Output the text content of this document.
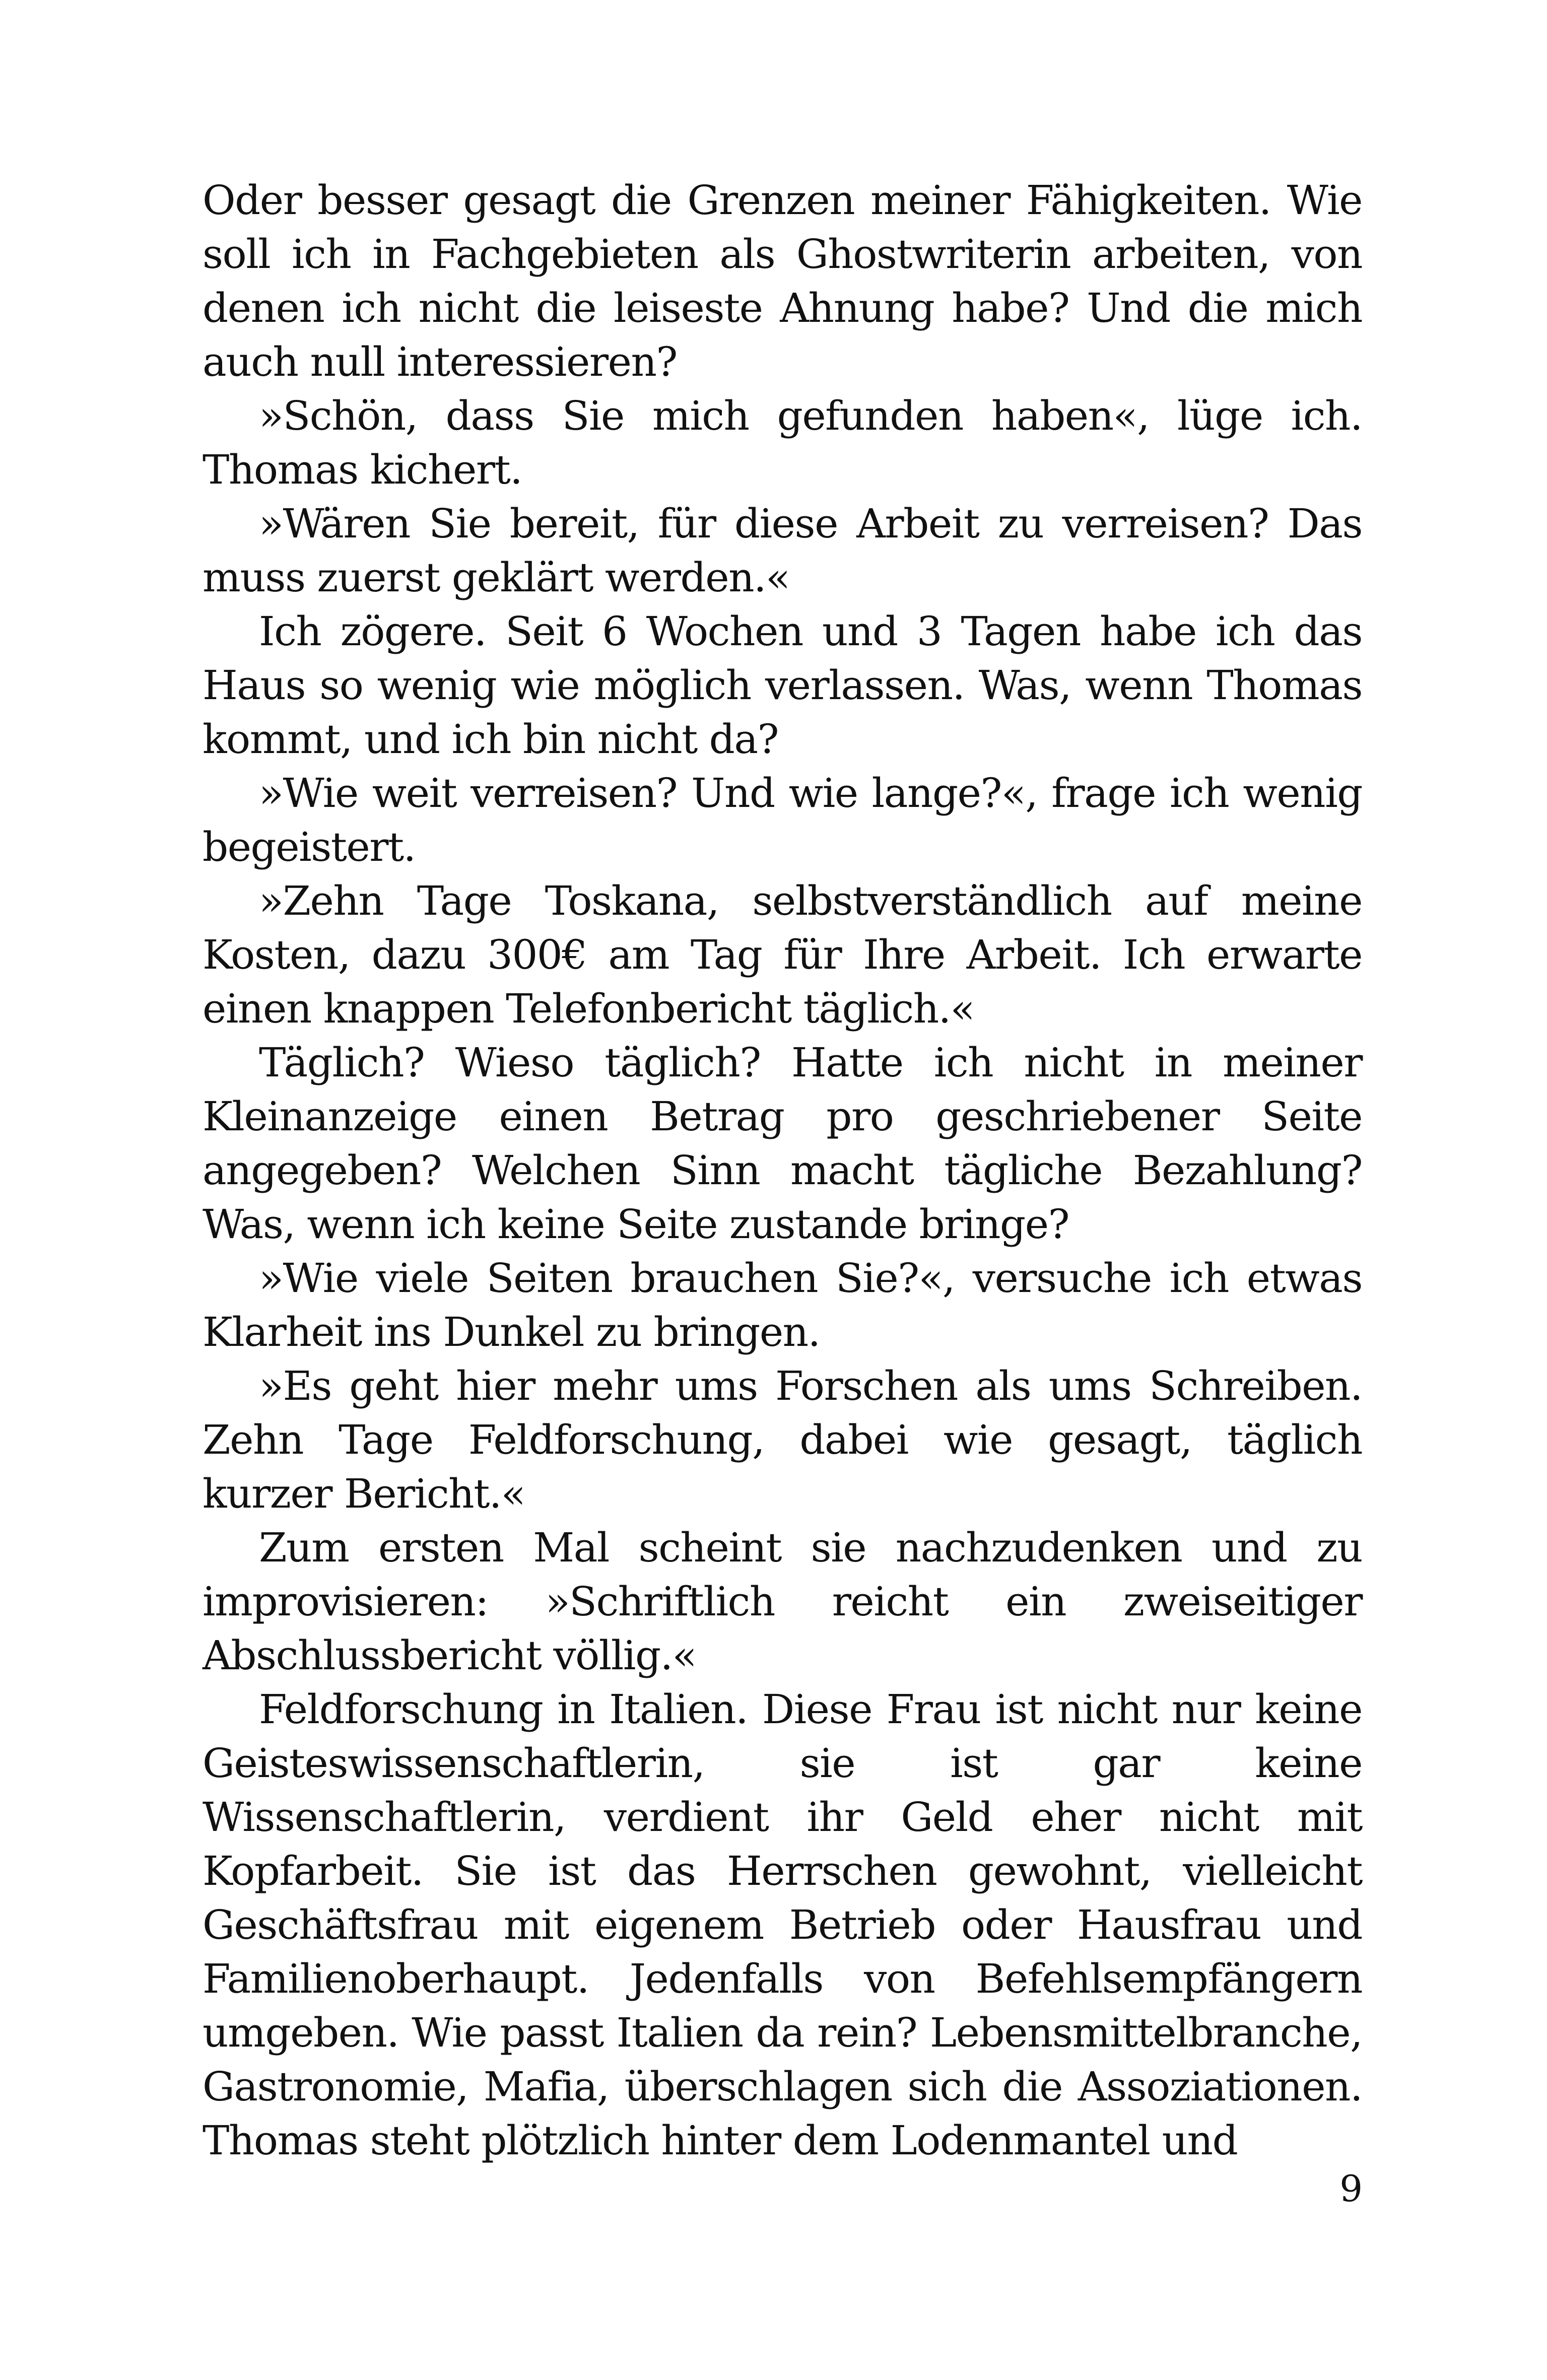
Oder besser gesagt die Grenzen meiner Fähigkeiten. Wie soll ich in Fachgebieten als Ghostwriterin arbeiten, von denen ich nicht die leiseste Ahnung habe? Und die mich auch null interessieren?

»Schön, dass Sie mich gefunden haben«, lüge ich. Thomas kichert.

»Wären Sie bereit, für diese Arbeit zu verreisen? Das muss zuerst geklärt werden.«

Ich zögere. Seit 6 Wochen und 3 Tagen habe ich das Haus so wenig wie möglich verlassen. Was, wenn Thomas kommt, und ich bin nicht da?

»Wie weit verreisen? Und wie lange?«, frage ich wenig begeistert.

»Zehn Tage Toskana, selbstverständlich auf meine Kosten, dazu 300€ am Tag für Ihre Arbeit. Ich erwarte einen knappen Telefonbericht täglich.«

Täglich? Wieso täglich? Hatte ich nicht in meiner Kleinanzeige einen Betrag pro geschriebener Seite angegeben? Welchen Sinn macht tägliche Bezahlung? Was, wenn ich keine Seite zustande bringe?

»Wie viele Seiten brauchen Sie?«, versuche ich etwas Klarheit ins Dunkel zu bringen.

»Es geht hier mehr ums Forschen als ums Schreiben. Zehn Tage Feldforschung, dabei wie gesagt, täglich kurzer Bericht.«

Zum ersten Mal scheint sie nachzudenken und zu improvisieren: »Schriftlich reicht ein zweiseitiger Abschlussbericht völlig.«

Feldforschung in Italien. Diese Frau ist nicht nur keine Geisteswissenschaftlerin, sie ist gar keine Wissenschaftlerin, verdient ihr Geld eher nicht mit Kopfarbeit. Sie ist das Herrschen gewohnt, vielleicht Geschäftsfrau mit eigenem Betrieb oder Hausfrau und Familienoberhaupt. Jedenfalls von Befehlsempfängern umgeben. Wie passt Italien da rein? Lebensmittelbranche, Gastronomie, Mafia, überschlagen sich die Assoziationen. Thomas steht plötzlich hinter dem Lodenmantel und

9
